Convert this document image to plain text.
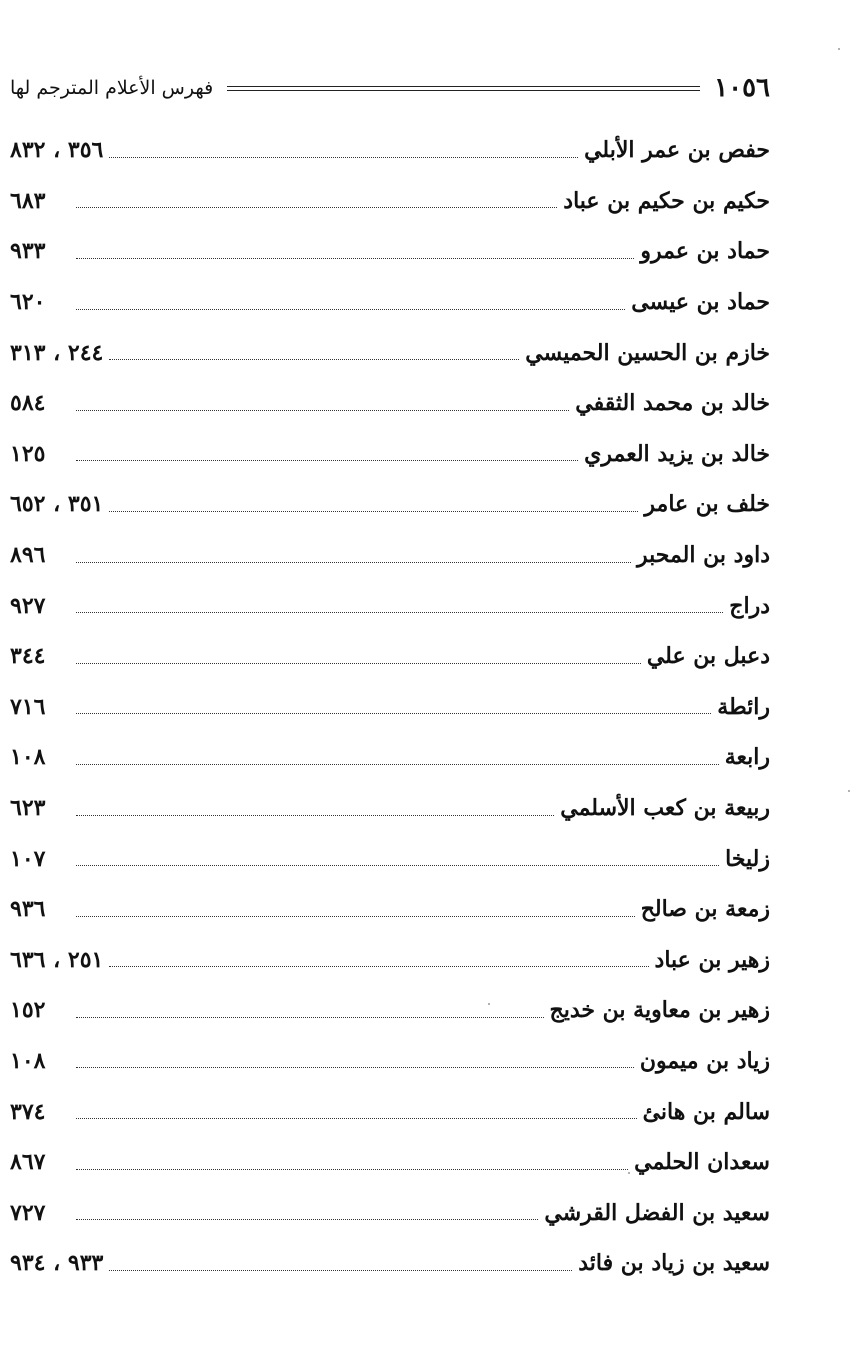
١٠٥٦
فهرس الأعلام المترجم لها
حفص بن عمر الأبلي
٣٥٦ ، ٨٣٢
حكيم بن حكيم بن عباد
٦٨٣
حماد بن عمرو
٩٣٣
حماد بن عيسى
٦٢٠
خازم بن الحسين الحميسي
٢٤٤ ، ٣١٣
خالد بن محمد الثقفي
٥٨٤
خالد بن يزيد العمري
١٢٥
خلف بن عامر
٣٥١ ، ٦٥٢
داود بن المحبر
٨٩٦
دراج
٩٢٧
دعبل بن علي
٣٤٤
رائطة
٧١٦
رابعة
١٠٨
ربيعة بن كعب الأسلمي
٦٢٣
زليخا
١٠٧
زمعة بن صالح
٩٣٦
زهير بن عباد
٢٥١ ، ٦٣٦
زهير بن معاوية بن خديج
١٥٢
زياد بن ميمون
١٠٨
سالم بن هانئ
٣٧٤
سعدان الحلمي
٨٦٧
سعيد بن الفضل القرشي
٧٢٧
سعيد بن زياد بن فائد
٩٣٣ ، ٩٣٤
